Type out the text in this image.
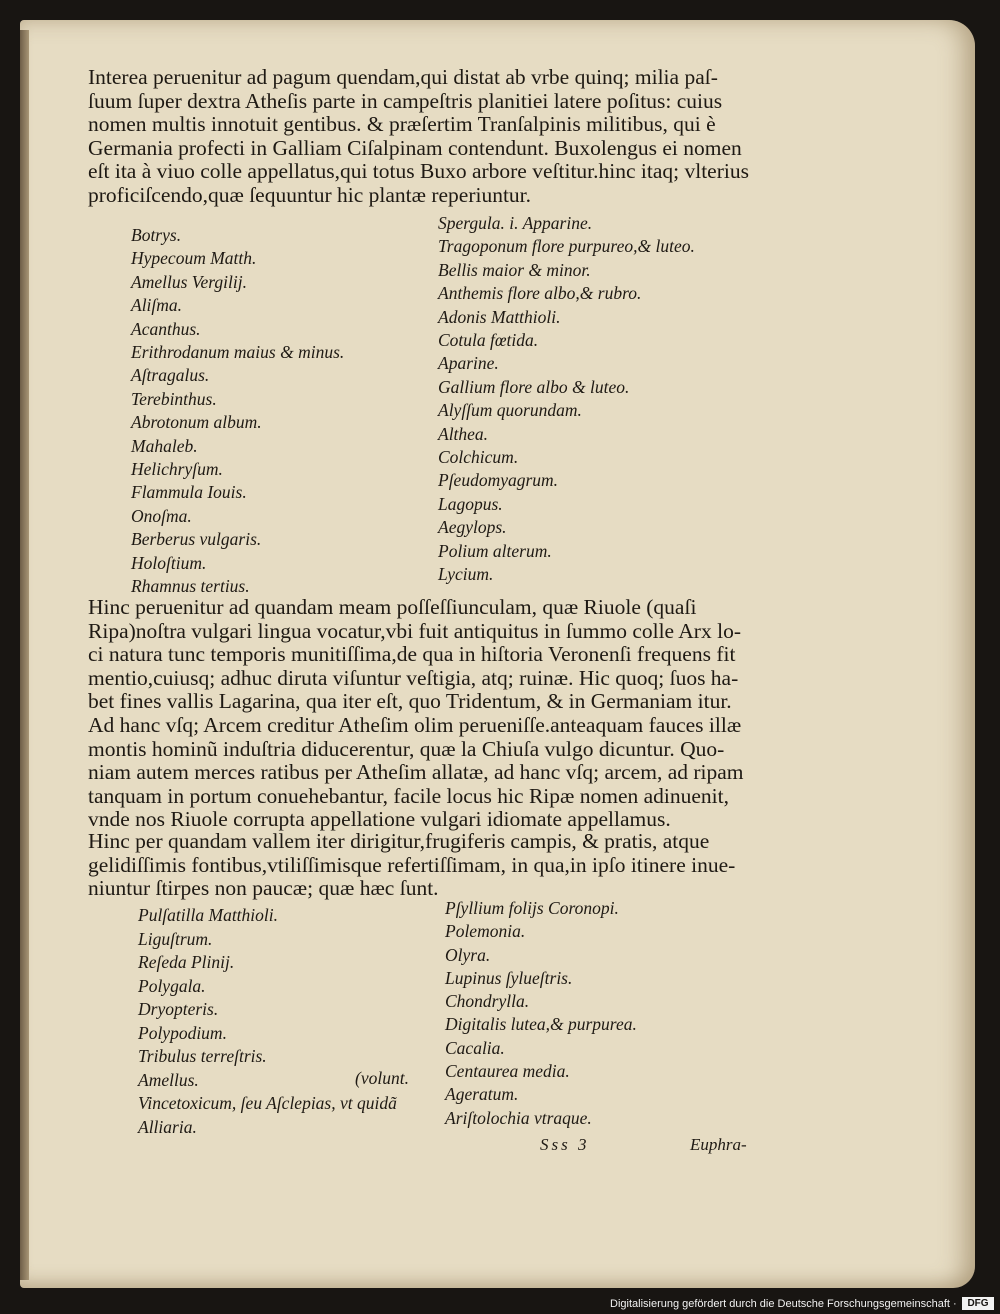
Interea peruenitur ad pagum quendam,qui distat ab vrbe quinq; milia paſ-
ſuum ſuper dextra Atheſis parte in campeſtris planitiei latere poſitus: cuius
nomen multis innotuit gentibus. & præſertim Tranſalpinis militibus, qui è
Germania profecti in Galliam Ciſalpinam contendunt. Buxolengus ei nomen
eſt ita à viuo colle appellatus,qui totus Buxo arbore veſtitur.hinc itaq; vlterius
proficiſcendo,quæ ſequuntur hic plantæ reperiuntur.
Botrys.
Hypecoum Matth.
Amellus Vergilij.
Aliſma.
Acanthus.
Erithrodanum maius & minus.
Aſtragalus.
Terebinthus.
Abrotonum album.
Mahaleb.
Helichryſum.
Flammula Iouis.
Onoſma.
Berberus vulgaris.
Holoſtium.
Rhamnus tertius.
Spergula. i. Apparine.
Tragoponum flore purpureo,& luteo.
Bellis maior & minor.
Anthemis flore albo,& rubro.
Adonis Matthioli.
Cotula fœtida.
Aparine.
Gallium flore albo & luteo.
Alyſſum quorundam.
Althea.
Colchicum.
Pſeudomyagrum.
Lagopus.
Aegylops.
Polium alterum.
Lycium.
Hinc peruenitur ad quandam meam poſſeſſiunculam, quæ Riuole (quaſi
Ripa)noſtra vulgari lingua vocatur,vbi fuit antiquitus in ſummo colle Arx lo-
ci natura tunc temporis munitiſſima,de qua in hiſtoria Veronenſi frequens fit
mentio,cuiusq; adhuc diruta viſuntur veſtigia, atq; ruinæ. Hic quoq; ſuos ha-
bet fines vallis Lagarina, qua iter eſt, quo Tridentum, & in Germaniam itur.
Ad hanc vſq; Arcem creditur Atheſim olim perueniſſe.anteaquam fauces illæ
montis hominũ induſtria diducerentur, quæ la Chiuſa vulgo dicuntur. Quo-
niam autem merces ratibus per Atheſim allatæ, ad hanc vſq; arcem, ad ripam
tanquam in portum conuehebantur, facile locus hic Ripæ nomen adinuenit,
vnde nos Riuole corrupta appellatione vulgari idiomate appellamus.
Hinc per quandam vallem iter dirigitur,frugiferis campis, & pratis, atque
gelidiſſimis fontibus,vtiliſſimisque refertiſſimam, in qua,in ipſo itinere inue-
niuntur ſtirpes non paucæ; quæ hæc ſunt.
Pulſatilla Matthioli.
Liguſtrum.
Reſeda Plinij.
Polygala.
Dryopteris.
Polypodium.
Tribulus terreſtris.
Amellus.
Vincetoxicum, ſeu Aſclepias, vt quidã
Alliaria.
(volunt.
Pſyllium folijs Coronopi.
Polemonia.
Olyra.
Lupinus ſylueſtris.
Chondrylla.
Digitalis lutea,& purpurea.
Cacalia.
Centaurea media.
Ageratum.
Ariſtolochia vtraque.
Sss 3	Euphra-
Digitalisierung gefördert durch die Deutsche Forschungsgemeinschaft ·	DFG
